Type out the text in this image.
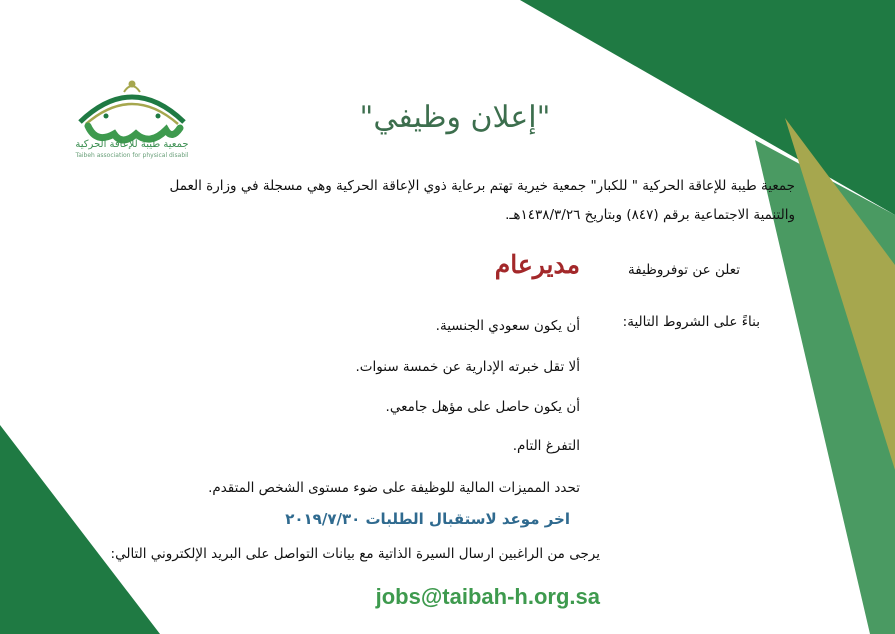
جمعية طيبة للإعاقة الحركية
Taibeh association for physical disabil
"إعلان وظيفي"
جمعية طيبة للإعاقة الحركية " للكبار" جمعية خيرية تهتم برعاية ذوي الإعاقة الحركية وهي مسجلة في وزارة العمل
والتنمية الاجتماعية برقم (٨٤٧) وبتاريخ ١٤٣٨/٣/٢٦هـ.
تعلن عن توفروظيفة
مديرعام
بناءً على الشروط التالية:
أن يكون سعودي الجنسية.
ألا تقل خبرته الإدارية عن خمسة سنوات.
أن يكون حاصل على مؤهل جامعي.
التفرغ التام.
تحدد المميزات المالية للوظيفة على ضوء مستوى الشخص المتقدم.
اخر موعد لاستقبال الطلبات ٢٠١٩/٧/٣٠
يرجى من الراغبين ارسال السيرة الذاتية مع بيانات التواصل على البريد الإلكتروني التالي:
jobs@taibah-h.org.sa
